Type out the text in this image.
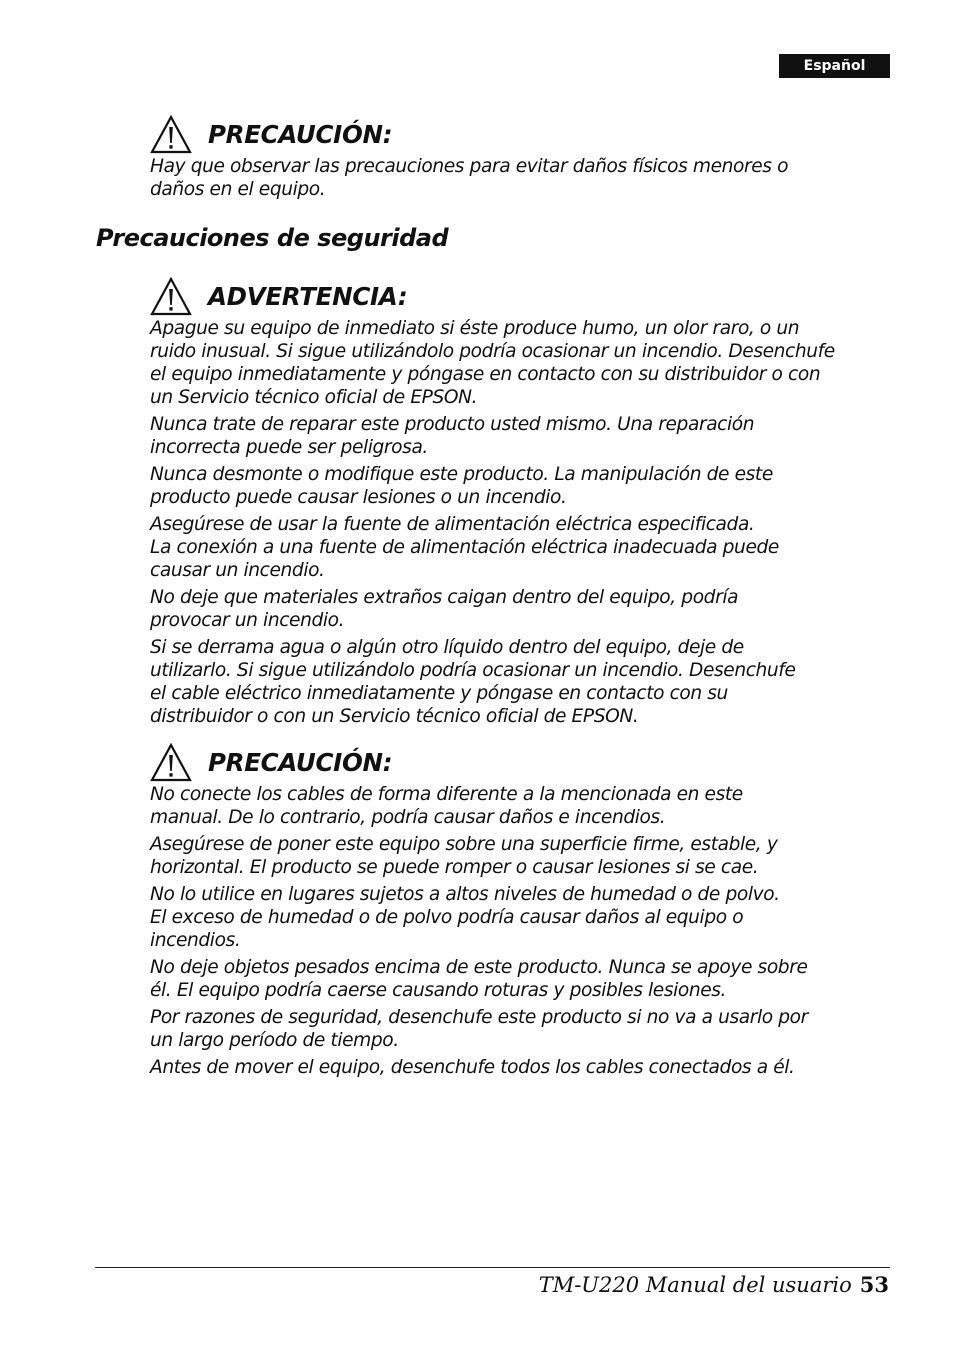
Español
PRECAUCIÓN:

Hay que observar las precauciones para evitar daños físicos menores o
daños en el equipo.

Precauciones de seguridad
ADVERTENCIA:

Apague su equipo de inmediato si éste produce humo, un olor raro, o un
ruido inusual. Si sigue utilizándolo podría ocasionar un incendio. Desenchufe
el equipo inmediatamente y póngase en contacto con su distribuidor o con
un Servicio técnico oficial de EPSON.

Nunca trate de reparar este producto usted mismo. Una reparación
incorrecta puede ser peligrosa.

Nunca desmonte o modifique este producto. La manipulación de este
producto puede causar lesiones o un incendio.

Asegúrese de usar la fuente de alimentación eléctrica especificada.
La conexión a una fuente de alimentación eléctrica inadecuada puede
causar un incendio.

No deje que materiales extraños caigan dentro del equipo, podría
provocar un incendio.

Si se derrama agua o algún otro líquido dentro del equipo, deje de
utilizarlo. Si sigue utilizándolo podría ocasionar un incendio. Desenchufe
el cable eléctrico inmediatamente y póngase en contacto con su
distribuidor o con un Servicio técnico oficial de EPSON.

PRECAUCIÓN:

No conecte los cables de forma diferente a la mencionada en este
manual. De lo contrario, podría causar daños e incendios.

Asegúrese de poner este equipo sobre una superficie firme, estable, y
horizontal. El producto se puede romper o causar lesiones si se cae.

No lo utilice en lugares sujetos a altos niveles de humedad o de polvo.
El exceso de humedad o de polvo podría causar daños al equipo o
incendios.

No deje objetos pesados encima de este producto. Nunca se apoye sobre
él. El equipo podría caerse causando roturas y posibles lesiones.

Por razones de seguridad, desenchufe este producto si no va a usarlo por
un largo período de tiempo.

Antes de mover el equipo, desenchufe todos los cables conectados a él.

TM-U220 Manual del usuario 53
